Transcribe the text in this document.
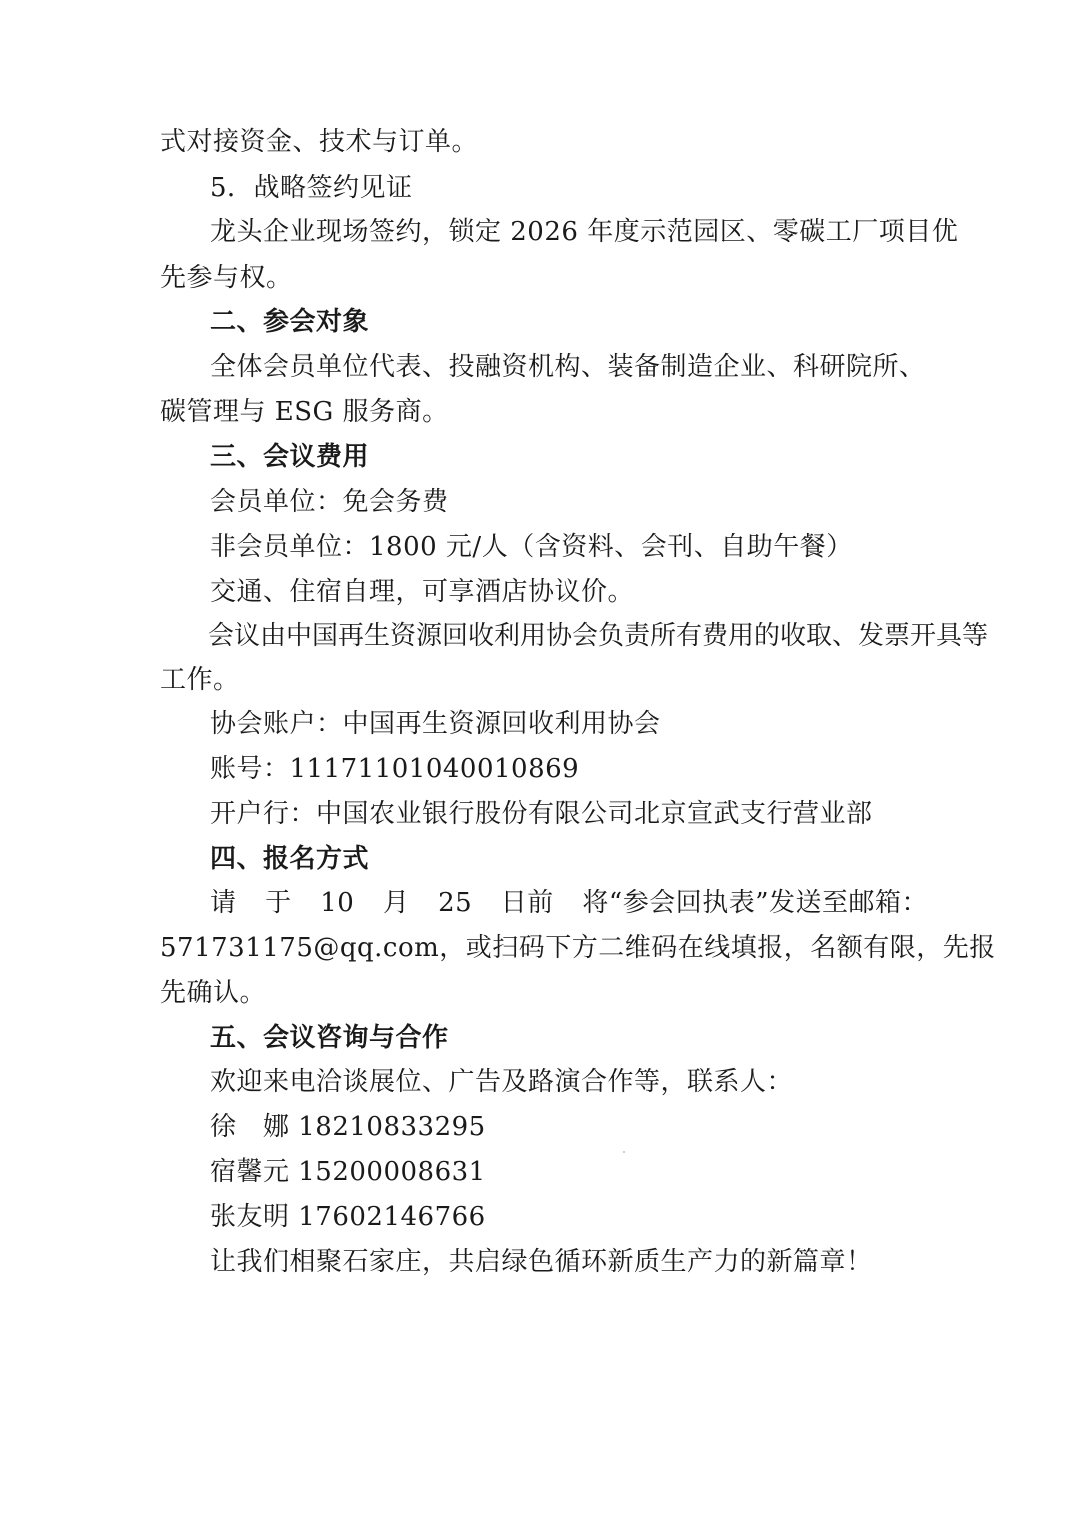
式对接资金、技术与订单。
5．战略签约见证
龙头企业现场签约，锁定 2026 年度示范园区、零碳工厂项目优
先参与权。
二、参会对象
全体会员单位代表、投融资机构、装备制造企业、科研院所、
碳管理与 ESG 服务商。
三、会议费用
会员单位：免会务费
非会员单位：1800 元/人（含资料、会刊、自助午餐）
交通、住宿自理，可享酒店协议价。
会议由中国再生资源回收利用协会负责所有费用的收取、发票开具等
工作。
协会账户：中国再生资源回收利用协会
账号：11171101040010869
开户行：中国农业银行股份有限公司北京宣武支行营业部
四、报名方式
请 于 10 月 25 日前 将“参会回执表”发送至邮箱：
571731175@qq.com，或扫码下方二维码在线填报，名额有限，先报
先确认。
五、会议咨询与合作
欢迎来电洽谈展位、广告及路演合作等，联系人：
徐　娜 18210833295
宿馨元 15200008631
张友明 17602146766
让我们相聚石家庄，共启绿色循环新质生产力的新篇章！
